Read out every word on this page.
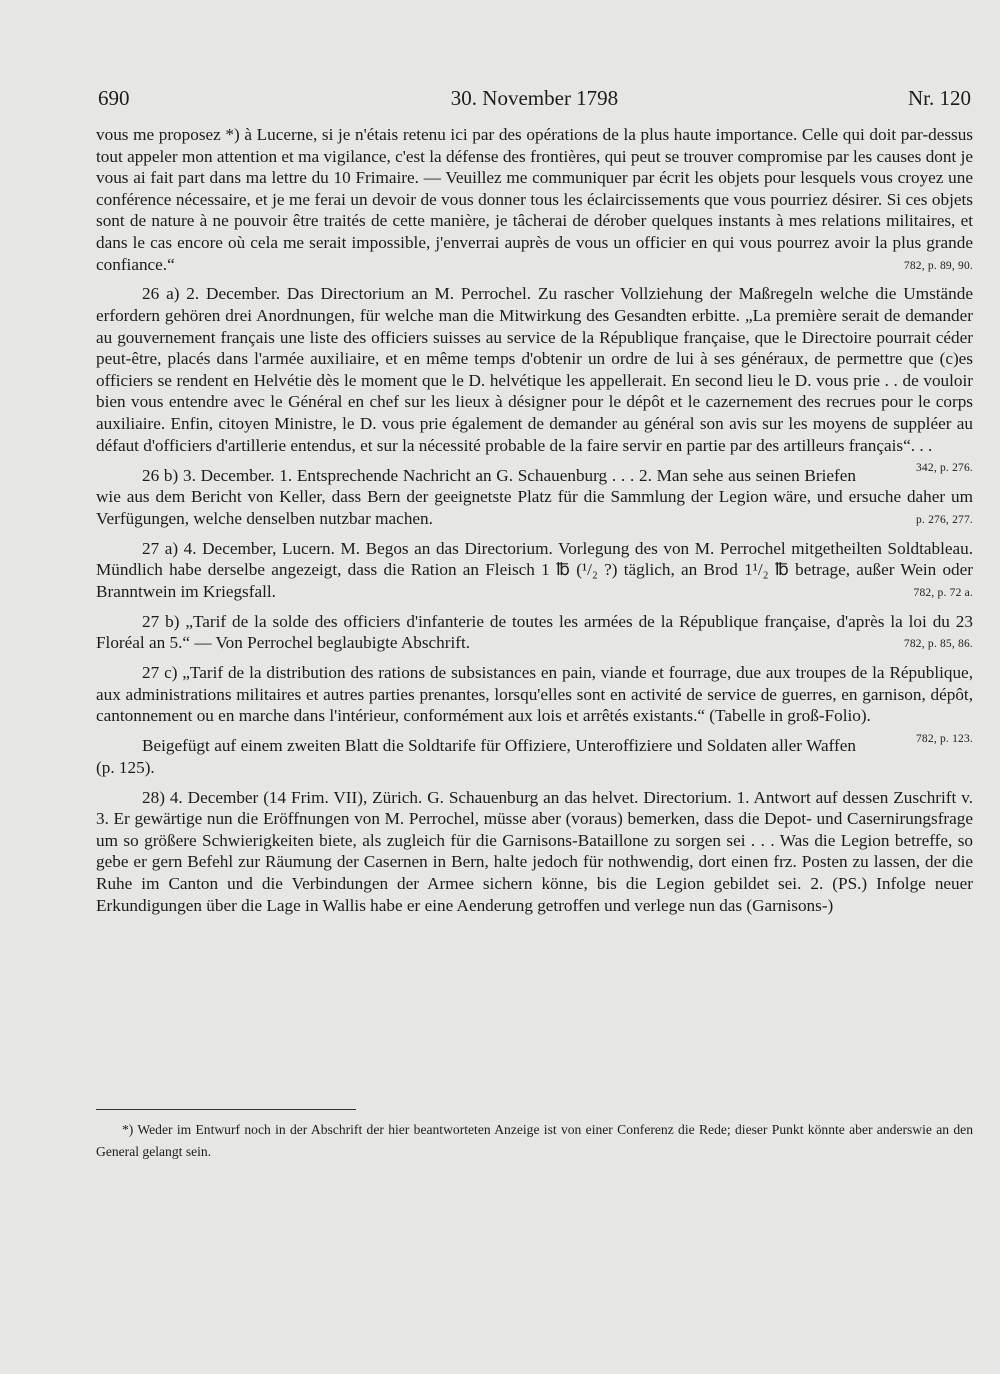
690	30. November 1798	Nr. 120

vous me proposez *) à Lucerne, si je n'étais retenu ici par des opérations de la plus haute importance. Celle qui doit par-dessus tout appeler mon attention et ma vigilance, c'est la défense des frontières, qui peut se trouver compromise par les causes dont je vous ai fait part dans ma lettre du 10 Frimaire. — Veuillez me communiquer par écrit les objets pour lesquels vous croyez une conférence nécessaire, et je me ferai un devoir de vous donner tous les éclaircissements que vous pourriez désirer. Si ces objets sont de nature à ne pouvoir être traités de cette manière, je tâcherai de dérober quelques instants à mes relations militaires, et dans le cas encore où cela me serait impossible, j'enverrai auprès de vous un officier en qui vous pourrez avoir la plus grande confiance.“	782, p. 89, 90.

26 a) 2. December. Das Directorium an M. Perrochel. Zu rascher Vollziehung der Maßregeln welche die Umstände erfordern gehören drei Anordnungen, für welche man die Mitwirkung des Gesandten erbitte. „La première serait de demander au gouvernement français une liste des officiers suisses au service de la République française, que le Directoire pourrait céder peut-être, placés dans l'armée auxiliaire, et en même temps d'obtenir un ordre de lui à ses généraux, de permettre que (c)es officiers se rendent en Helvétie dès le moment que le D. helvétique les appellerait. En second lieu le D. vous prie . . de vouloir bien vous entendre avec le Général en chef sur les lieux à désigner pour le dépôt et le cazernement des recrues pour le corps auxiliaire. Enfin, citoyen Ministre, le D. vous prie également de demander au général son avis sur les moyens de suppléer au défaut d'officiers d'artillerie entendus, et sur la nécessité probable de la faire servir en partie par des artilleurs français“. . .
342, p. 276.

26 b) 3. December. 1. Entsprechende Nachricht an G. Schauenburg . . . 2. Man sehe aus seinen Briefen wie aus dem Bericht von Keller, dass Bern der geeignetste Platz für die Sammlung der Legion wäre, und ersuche daher um Verfügungen, welche denselben nutzbar machen.	p. 276, 277.

27 a) 4. December, Lucern. M. Begos an das Directorium. Vorlegung des von M. Perrochel mitgetheilten Soldtableau. Mündlich habe derselbe angezeigt, dass die Ration an Fleisch 1 ℔ (¹/₂ ?) täglich, an Brod 1¹/₂ ℔ betrage, außer Wein oder Branntwein im Kriegsfall.	782, p. 72 a.

27 b) „Tarif de la solde des officiers d'infanterie de toutes les armées de la République française, d'après la loi du 23 Floréal an 5.“ — Von Perrochel beglaubigte Abschrift.	782, p. 85, 86.

27 c) „Tarif de la distribution des rations de subsistances en pain, viande et fourrage, due aux troupes de la République, aux administrations militaires et autres parties prenantes, lorsqu'elles sont en activité de service de guerres, en garnison, dépôt, cantonnement ou en marche dans l'intérieur, conformément aux lois et arrêtés existants.“ (Tabelle in groß-Folio).
782, p. 123.

Beigefügt auf einem zweiten Blatt die Soldtarife für Offiziere, Unteroffiziere und Soldaten aller Waffen (p. 125).

28) 4. December (14 Frim. VII), Zürich. G. Schauenburg an das helvet. Directorium. 1. Antwort auf dessen Zuschrift v. 3. Er gewärtige nun die Eröffnungen von M. Perrochel, müsse aber (voraus) bemerken, dass die Depot- und Casernirungsfrage um so größere Schwierigkeiten biete, als zugleich für die Garnisons-Bataillone zu sorgen sei . . . Was die Legion betreffe, so gebe er gern Befehl zur Räumung der Casernen in Bern, halte jedoch für nothwendig, dort einen frz. Posten zu lassen, der die Ruhe im Canton und die Verbindungen der Armee sichern könne, bis die Legion gebildet sei. 2. (PS.) Infolge neuer Erkundigungen über die Lage in Wallis habe er eine Aenderung getroffen und verlege nun das (Garnisons-)

*) Weder im Entwurf noch in der Abschrift der hier beantworteten Anzeige ist von einer Conferenz die Rede; dieser Punkt könnte aber anderswie an den General gelangt sein.
